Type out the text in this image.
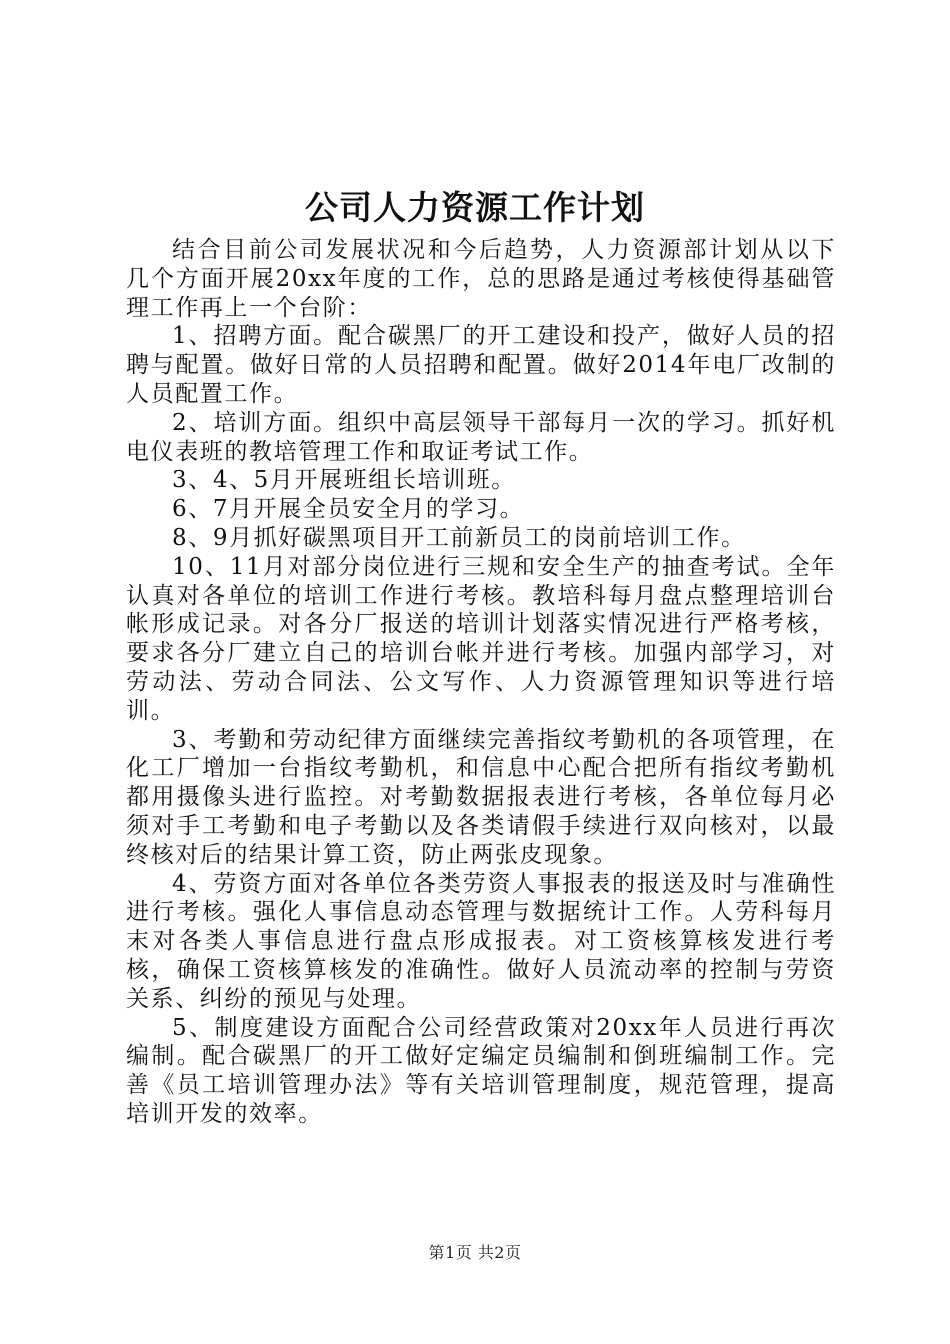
公司人力资源工作计划

结合目前公司发展状况和今后趋势，人力资源部计划从以下几个方面开展20xx年度的工作，总的思路是通过考核使得基础管理工作再上一个台阶：

1、招聘方面。配合碳黑厂的开工建设和投产，做好人员的招聘与配置。做好日常的人员招聘和配置。做好2014年电厂改制的人员配置工作。

2、培训方面。组织中高层领导干部每月一次的学习。抓好机电仪表班的教培管理工作和取证考试工作。

3、4、5月开展班组长培训班。

6、7月开展全员安全月的学习。

8、9月抓好碳黑项目开工前新员工的岗前培训工作。

10、11月对部分岗位进行三规和安全生产的抽查考试。全年认真对各单位的培训工作进行考核。教培科每月盘点整理培训台帐形成记录。对各分厂报送的培训计划落实情况进行严格考核，要求各分厂建立自己的培训台帐并进行考核。加强内部学习，对劳动法、劳动合同法、公文写作、人力资源管理知识等进行培训。

3、考勤和劳动纪律方面继续完善指纹考勤机的各项管理，在化工厂增加一台指纹考勤机，和信息中心配合把所有指纹考勤机都用摄像头进行监控。对考勤数据报表进行考核，各单位每月必须对手工考勤和电子考勤以及各类请假手续进行双向核对，以最终核对后的结果计算工资，防止两张皮现象。

4、劳资方面对各单位各类劳资人事报表的报送及时与准确性进行考核。强化人事信息动态管理与数据统计工作。人劳科每月末对各类人事信息进行盘点形成报表。对工资核算核发进行考核，确保工资核算核发的准确性。做好人员流动率的控制与劳资关系、纠纷的预见与处理。

5、制度建设方面配合公司经营政策对20xx年人员进行再次编制。配合碳黑厂的开工做好定编定员编制和倒班编制工作。完善《员工培训管理办法》等有关培训管理制度，规范管理，提高培训开发的效率。

第1页 共2页
